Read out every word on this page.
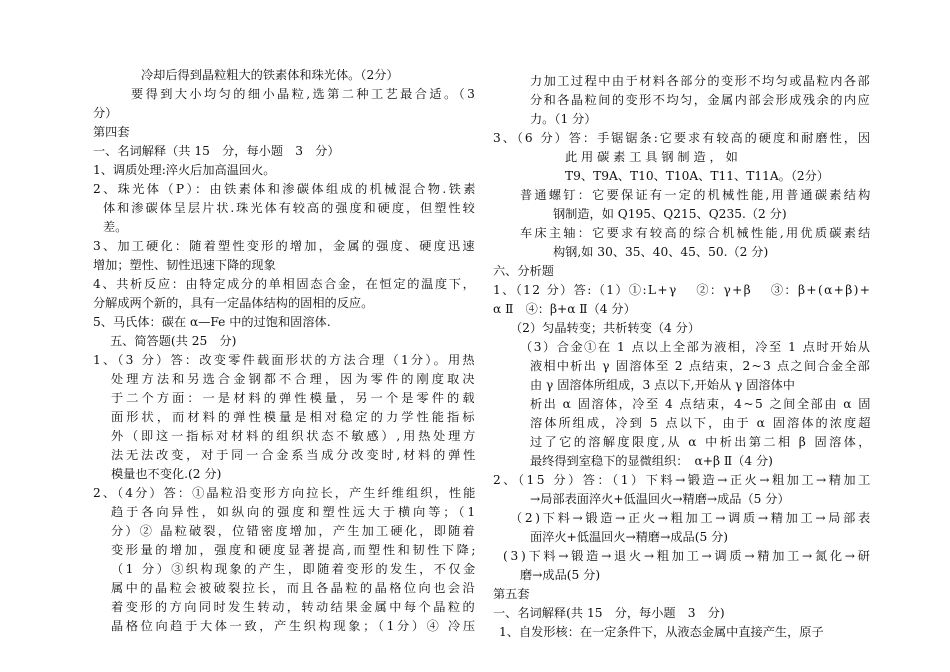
冷却后得到晶粒粗大的铁素体和珠光体。（2分）
要得到大小均匀的细小晶粒,选第二种工艺最合适。（3
分）
第四套
一、名词解释（共 15　分，每小题　3　分）
1、调质处理:淬火后加高温回火。
2、珠光体（P）：由铁素体和渗碳体组成的机械混合物.铁素
体和渗碳体呈层片状.珠光体有较高的强度和硬度，但塑性较
差。
3、加工硬化：随着塑性变形的增加，金属的强度、硬度迅速
增加；塑性、韧性迅速下降的现象
4、共析反应：由特定成分的单相固态合金，在恒定的温度下，
分解成两个新的，具有一定晶体结构的固相的反应。
5、马氏体：碳在 α—Fe 中的过饱和固溶体.
五、简答题(共 25　分)
1、（3 分）答：改变零件载面形状的方法合理（1分）。用热
处理方法和另选合金钢都不合理，因为零件的刚度取决
于二个方面：一是材料的弹性模量，另一个是零件的载
面形状，而材料的弹性模量是相对稳定的力学性能指标
外（即这一指标对材料的组织状态不敏感）,用热处理方
法无法改变，对于同一合金系当成分改变时,材料的弹性
模量也不变化.(2 分)
2、（4分）答：①晶粒沿变形方向拉长，产生纤维组织，性能
趋于各向异性，如纵向的强度和塑性远大于横向等；（1
分）② 晶粒破裂，位错密度增加，产生加工硬化，即随着
变形量的增加，强度和硬度显著提高,而塑性和韧性下降;
（1 分）③织构现象的产生，即随着变形的发生，不仅金
属中的晶粒会被破裂拉长，而且各晶粒的晶格位向也会沿
着变形的方向同时发生转动，转动结果金属中每个晶粒的
晶格位向趋于大体一致，产生织构现象；（1分）④ 冷压
力加工过程中由于材料各部分的变形不均匀或晶粒内各部
分和各晶粒间的变形不均匀，金属内部会形成残余的内应
力。（1 分）
3、（6 分）答：手锯锯条:它要求有较高的硬度和耐磨性，因
此 用 碳 素 工 具 钢 制 造 ， 如
T9、T9A、T10、T10A、T11、T11A。（2分）
普通螺钉：它要保证有一定的机械性能,用普通碳素结构
钢制造，如 Q195、Q215、Q235.（2 分)
车床主轴：它要求有较高的综合机械性能,用优质碳素结
构钢,如 30、35、40、45、50.（2 分)
六、分析题
1、（12 分）答:（1）①:L+γ　 ②：γ+β　 ③：β+(α+β)+
α Ⅱ　④：β+α Ⅱ（4 分）
（2）匀晶转变；共析转变（4 分）
（3）合金①在 1 点以上全部为液相，冷至 1 点时开始从
液相中析出 γ 固溶体至 2 点结束，2~3 点之间合金全部
由 γ 固溶体所组成，3 点以下,开始从 γ 固溶体中
析出 α 固溶体，冷至 4 点结束，4~5 之间全部由 α 固
溶体所组成，冷到 5 点以下，由于 α 固溶体的浓度超
过了它的溶解度限度,从 α 中析出第二相 β 固溶体，
最终得到室稳下的显微组织：　α+β Ⅱ（4 分)
2、（15 分）答：（1）下料→锻造→正火→粗加工→精加工
→局部表面淬火+低温回火→精磨→成品（5 分）
（2)下料→锻造→正火→粗加工→调质→精加工→局部表
面淬火+低温回火→精磨→成品(5 分)
(3)下料→锻造→退火→粗加工→调质→精加工→氮化→研
磨→成品(5 分)
第五套
一、名词解释(共 15　分，每小题　3　分)
1、自发形核：在一定条件下，从液态金属中直接产生，原子
